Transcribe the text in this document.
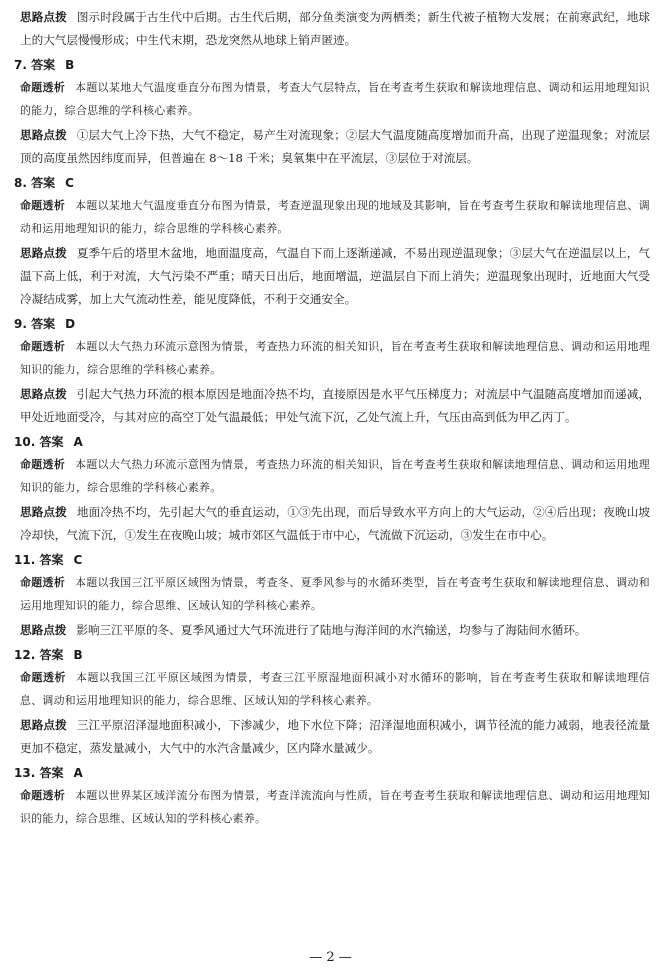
思路点拨 图示时段属于古生代中后期。古生代后期，部分鱼类演变为两栖类；新生代被子植物大发展；在前寒武纪，地球上的大气层慢慢形成；中生代末期，恐龙突然从地球上销声匿迹。

7. 答案 B

命题透析 本题以某地大气温度垂直分布图为情景，考查大气层特点，旨在考查考生获取和解读地理信息、调动和运用地理知识的能力，综合思维的学科核心素养。

思路点拨 ①层大气上冷下热，大气不稳定，易产生对流现象；②层大气温度随高度增加而升高，出现了逆温现象；对流层顶的高度虽然因纬度而异，但普遍在 8～18 千米；臭氧集中在平流层，③层位于对流层。

8. 答案 C

命题透析 本题以某地大气温度垂直分布图为情景，考查逆温现象出现的地域及其影响，旨在考查考生获取和解读地理信息、调动和运用地理知识的能力，综合思维的学科核心素养。

思路点拨 夏季午后的塔里木盆地，地面温度高，气温自下而上逐渐递减，不易出现逆温现象；③层大气在逆温层以上，气温下高上低，利于对流，大气污染不严重；晴天日出后，地面增温，逆温层自下而上消失；逆温现象出现时，近地面大气受冷凝结成雾，加上大气流动性差，能见度降低，不利于交通安全。

9. 答案 D

命题透析 本题以大气热力环流示意图为情景，考查热力环流的相关知识，旨在考查考生获取和解读地理信息、调动和运用地理知识的能力，综合思维的学科核心素养。

思路点拨 引起大气热力环流的根本原因是地面冷热不均，直接原因是水平气压梯度力；对流层中气温随高度增加而递减，甲处近地面受冷，与其对应的高空丁处气温最低；甲处气流下沉，乙处气流上升，气压由高到低为甲乙丙丁。

10. 答案 A

命题透析 本题以大气热力环流示意图为情景，考查热力环流的相关知识，旨在考查考生获取和解读地理信息、调动和运用地理知识的能力，综合思维的学科核心素养。

思路点拨 地面冷热不均，先引起大气的垂直运动，①③先出现，而后导致水平方向上的大气运动，②④后出现；夜晚山坡冷却快，气流下沉，①发生在夜晚山坡；城市郊区气温低于市中心，气流做下沉运动，③发生在市中心。

11. 答案 C

命题透析 本题以我国三江平原区域图为情景，考查冬、夏季风参与的水循环类型，旨在考查考生获取和解读地理信息、调动和运用地理知识的能力，综合思维、区域认知的学科核心素养。

思路点拨 影响三江平原的冬、夏季风通过大气环流进行了陆地与海洋间的水汽输送，均参与了海陆间水循环。

12. 答案 B

命题透析 本题以我国三江平原区域图为情景，考查三江平原湿地面积减小对水循环的影响，旨在考查考生获取和解读地理信息、调动和运用地理知识的能力，综合思维、区域认知的学科核心素养。

思路点拨 三江平原沼泽湿地面积减小，下渗减少，地下水位下降；沼泽湿地面积减小，调节径流的能力减弱，地表径流量更加不稳定，蒸发量减小，大气中的水汽含量减少，区内降水量减少。

13. 答案 A

命题透析 本题以世界某区域洋流分布图为情景，考查洋流流向与性质，旨在考查考生获取和解读地理信息、调动和运用地理知识的能力，综合思维、区域认知的学科核心素养。

— 2 —
